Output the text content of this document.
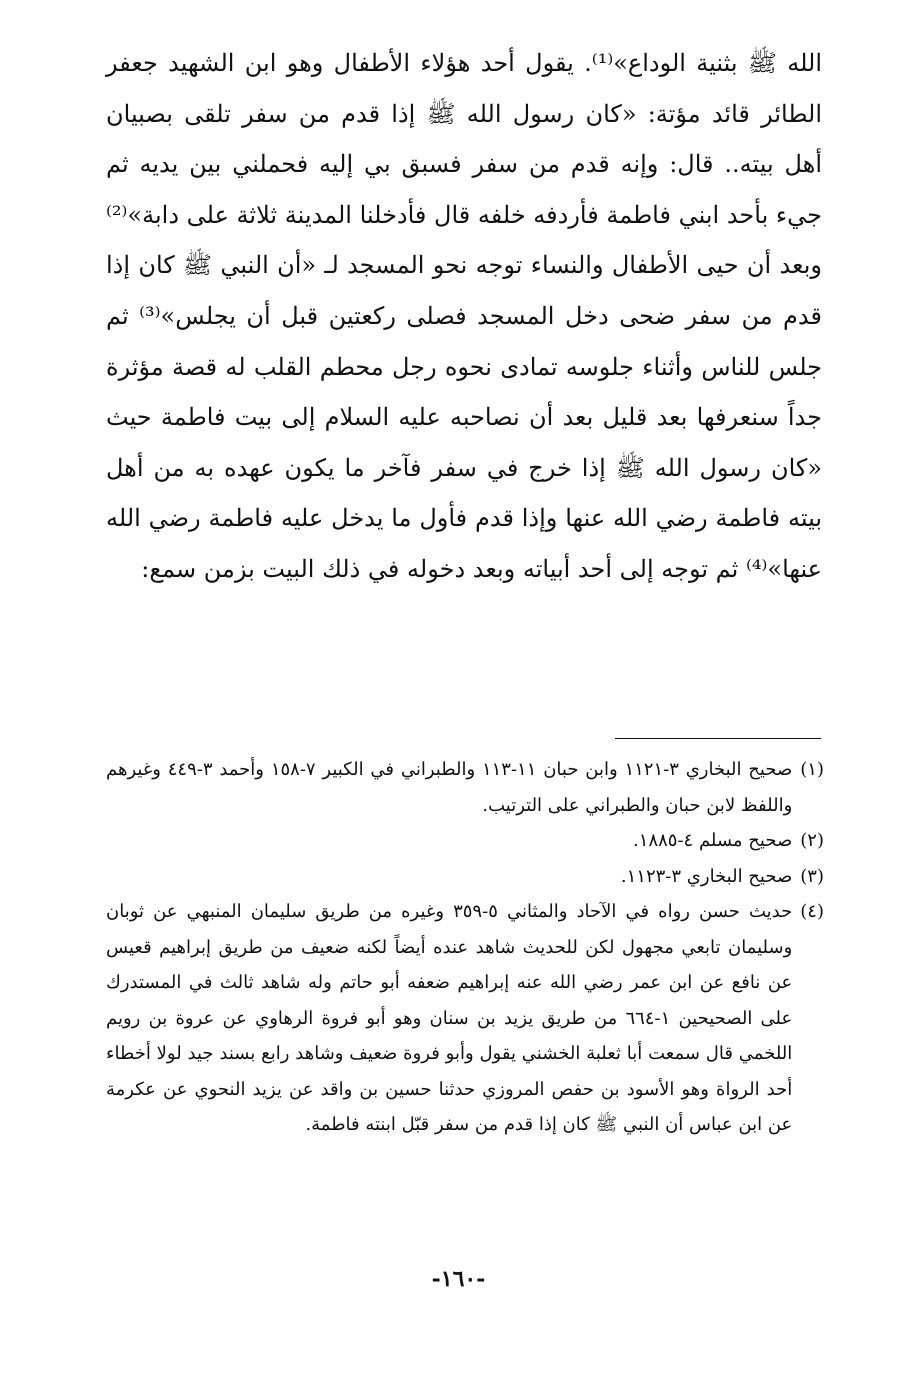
الله ﷺ بثنية الوداع»⁽¹⁾. يقول أحد هؤلاء الأطفال وهو ابن الشهيد جعفر الطائر قائد مؤتة: «كان رسول الله ﷺ إذا قدم من سفر تلقى بصبيان أهل بيته.. قال: وإنه قدم من سفر فسبق بي إليه فحملني بين يديه ثم جيء بأحد ابني فاطمة فأردفه خلفه قال فأدخلنا المدينة ثلاثة على دابة»⁽²⁾ وبعد أن حيى الأطفال والنساء توجه نحو المسجد لـ «أن النبي ﷺ كان إذا قدم من سفر ضحى دخل المسجد فصلى ركعتين قبل أن يجلس»⁽³⁾ ثم جلس للناس وأثناء جلوسه تمادى نحوه رجل محطم القلب له قصة مؤثرة جداً سنعرفها بعد قليل بعد أن نصاحبه عليه السلام إلى بيت فاطمة حيث «كان رسول الله ﷺ إذا خرج في سفر فآخر ما يكون عهده به من أهل بيته فاطمة رضي الله عنها وإذا قدم فأول ما يدخل عليه فاطمة رضي الله عنها»⁽⁴⁾ ثم توجه إلى أحد أبياته وبعد دخوله في ذلك البيت بزمن سمع:

(١)
صحيح البخاري ٣-١١٢١ وابن حبان ١١-١١٣ والطبراني في الكبير ٧-١٥٨ وأحمد ٣-٤٤٩ وغيرهم واللفظ لابن حبان والطبراني على الترتيب.
(٢)
صحيح مسلم ٤-١٨٨٥.
(٣)
صحيح البخاري ٣-١١٢٣.
(٤)
حديث حسن رواه في الآحاد والمثاني ٥-٣٥٩ وغيره من طريق سليمان المنبهي عن ثوبان وسليمان تابعي مجهول لكن للحديث شاهد عنده أيضاً لكنه ضعيف من طريق إبراهيم قعيس عن نافع عن ابن عمر رضي الله عنه إبراهيم ضعفه أبو حاتم وله شاهد ثالث في المستدرك على الصحيحين ١-٦٦٤ من طريق يزيد بن سنان وهو أبو فروة الرهاوي عن عروة بن رويم اللخمي قال سمعت أبا ثعلبة الخشني يقول وأبو فروة ضعيف وشاهد رابع بسند جيد لولا أخطاء أحد الرواة وهو الأسود بن حفص المروزي حدثنا حسين بن واقد عن يزيد النحوي عن عكرمة عن ابن عباس أن النبي ﷺ كان إذا قدم من سفر قبّل ابنته فاطمة.
-١٦٠-
